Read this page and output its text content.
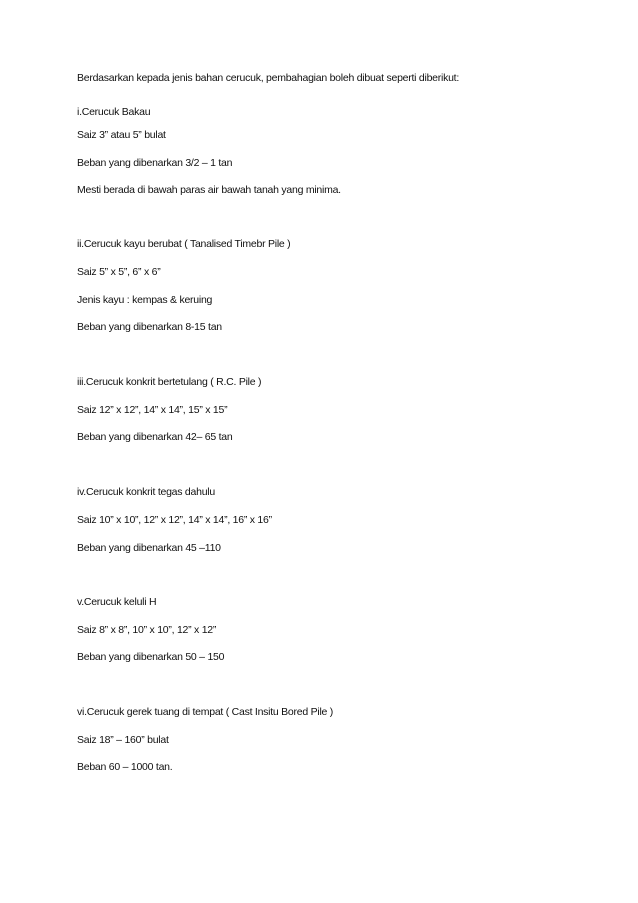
Berdasarkan kepada jenis bahan cerucuk, pembahagian boleh dibuat seperti diberikut:
i.Cerucuk Bakau
Saiz 3” atau 5” bulat
Beban yang dibenarkan 3/2 – 1 tan
Mesti berada di bawah paras air bawah tanah yang minima.
ii.Cerucuk kayu berubat ( Tanalised Timebr Pile )
Saiz 5” x 5”, 6” x 6”
Jenis kayu : kempas & keruing
Beban yang dibenarkan 8-15 tan
iii.Cerucuk konkrit bertetulang ( R.C. Pile )
Saiz 12” x 12”, 14” x 14”, 15” x 15”
Beban yang dibenarkan 42– 65 tan
iv.Cerucuk konkrit tegas dahulu
Saiz 10” x 10”, 12” x 12”, 14” x 14”, 16” x 16”
Beban yang dibenarkan 45 –110
v.Cerucuk keluli H
Saiz 8” x 8”, 10” x 10”, 12” x 12”
Beban yang dibenarkan 50 – 150
vi.Cerucuk gerek tuang di tempat ( Cast Insitu Bored Pile )
Saiz 18” – 160” bulat
Beban 60 – 1000 tan.
